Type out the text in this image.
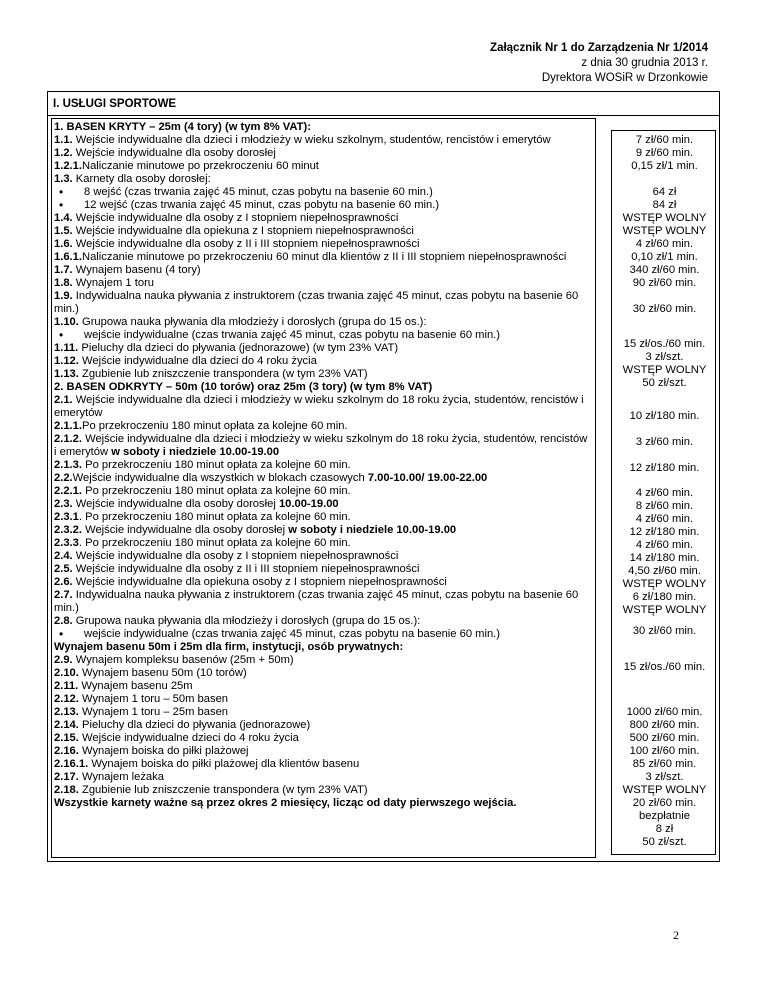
Załącznik Nr 1 do Zarządzenia Nr 1/2014
z dnia 30 grudnia 2013 r.
Dyrektora WOSiR w Drzonkowie
I. USŁUGI SPORTOWE
1. BASEN KRYTY – 25m (4 tory) (w tym 8% VAT):
1.1. Wejście indywidualne dla dzieci i młodzieży w wieku szkolnym, studentów, rencistów i emerytów
1.2. Wejście indywidualne dla osoby dorosłej
1.2.1.Naliczanie minutowe po przekroczeniu 60 minut
1.3. Karnety dla osoby dorosłej:
• 8 wejść (czas trwania zajęć 45 minut, czas pobytu na basenie 60 min.)
• 12 wejść (czas trwania zajęć 45 minut, czas pobytu na basenie 60 min.)
1.4. Wejście indywidualne dla osoby z I stopniem niepełnosprawności
1.5. Wejście indywidualne dla opiekuna z I stopniem niepełnosprawności
1.6. Wejście indywidualne dla osoby z II i III stopniem niepełnosprawności
1.6.1.Naliczanie minutowe po przekroczeniu 60 minut dla klientów z II i III stopniem niepełnosprawności
1.7. Wynajem basenu (4 tory)
1.8. Wynajem 1 toru
1.9. Indywidualna nauka pływania z instruktorem (czas trwania zajęć 45 minut, czas pobytu na basenie 60 min.)
1.10. Grupowa nauka pływania dla młodzieży i dorosłych (grupa do 15 os.):
• wejście indywidualne (czas trwania zajęć 45 minut, czas pobytu na basenie 60 min.)
1.11. Pieluchy dla dzieci do pływania (jednorazowe) (w tym 23% VAT)
1.12. Wejście indywidualne dla dzieci do 4 roku życia
1.13. Zgubienie lub zniszczenie transpondera (w tym 23% VAT)
2. BASEN ODKRYTY – 50m (10 torów) oraz 25m (3 tory) (w tym 8% VAT)
2.1. Wejście indywidualne dla dzieci i młodzieży w wieku szkolnym do 18 roku życia, studentów, rencistów i emerytów
2.1.1.Po przekroczeniu 180 minut opłata za kolejne 60 min.
2.1.2. Wejście indywidualne dla dzieci i młodzieży w wieku szkolnym do 18 roku życia, studentów, rencistów i emerytów w soboty i niedziele 10.00-19.00
2.1.3. Po przekroczeniu 180 minut opłata za kolejne 60 min.
2.2.Wejście indywidualne dla wszystkich w blokach czasowych 7.00-10.00/ 19.00-22.00
2.2.1. Po przekroczeniu 180 minut opłata za kolejne 60 min.
2.3. Wejście indywidualne dla osoby dorosłej 10.00-19.00
2.3.1. Po przekroczeniu 180 minut opłata za kolejne 60 min.
2.3.2. Wejście indywidualne dla osoby dorosłej w soboty i niedziele 10.00-19.00
2.3.3. Po przekroczeniu 180 minut opłata za kolejne 60 min.
2.4. Wejście indywidualne dla osoby z I stopniem niepełnosprawności
2.5. Wejście indywidualne dla osoby z II i III stopniem niepełnosprawności
2.6. Wejście indywidualne dla opiekuna osoby z I stopniem niepełnosprawności
2.7. Indywidualna nauka pływania z instruktorem (czas trwania zajęć 45 minut, czas pobytu na basenie 60 min.)
2.8. Grupowa nauka pływania dla młodzieży i dorosłych (grupa do 15 os.):
• wejście indywidualne (czas trwania zajęć 45 minut, czas pobytu na basenie 60 min.)
Wynajem basenu 50m i 25m dla firm, instytucji, osób prywatnych:
2.9. Wynajem kompleksu basenów (25m + 50m)
2.10. Wynajem basenu 50m (10 torów)
2.11. Wynajem basenu 25m
2.12. Wynajem 1 toru – 50m basen
2.13. Wynajem 1 toru – 25m basen
2.14. Pieluchy dla dzieci do pływania (jednorazowe)
2.15. Wejście indywidualne dzieci do 4 roku życia
2.16. Wynajem boiska do piłki plażowej
2.16.1. Wynajem boiska do piłki plażowej dla klientów basenu
2.17. Wynajem leżaka
2.18. Zgubienie lub zniszczenie transpondera (w tym 23% VAT)
Wszystkie karnety ważne są przez okres 2 miesięcy, licząc od daty pierwszego wejścia.
7 zł/60 min.
9 zł/60 min.
0,15 zł/1 min.
64 zł
84 zł
WSTĘP WOLNY
WSTĘP WOLNY
4 zł/60 min.
0,10 zł/1 min.
340 zł/60 min.
90 zł/60 min.
30 zł/60 min.
15 zł/os./60 min.
3 zł/szt.
WSTĘP WOLNY
50 zł/szt.
10 zł/180 min.
3 zł/60 min.
12 zł/180 min.
4 zł/60 min.
8 zł/60 min.
4 zł/60 min.
12 zł/180 min.
4 zł/60 min.
14 zł/180 min.
4,50 zł/60 min.
WSTĘP WOLNY
6 zł/180 min.
WSTĘP WOLNY
30 zł/60 min.
15 zł/os./60 min.
1000 zł/60 min.
800 zł/60 min.
500 zł/60 min.
100 zł/60 min.
85 zł/60 min.
3 zł/szt.
WSTĘP WOLNY
20 zł/60 min.
bezpłatnie
8 zł
50 zł/szt.
2
